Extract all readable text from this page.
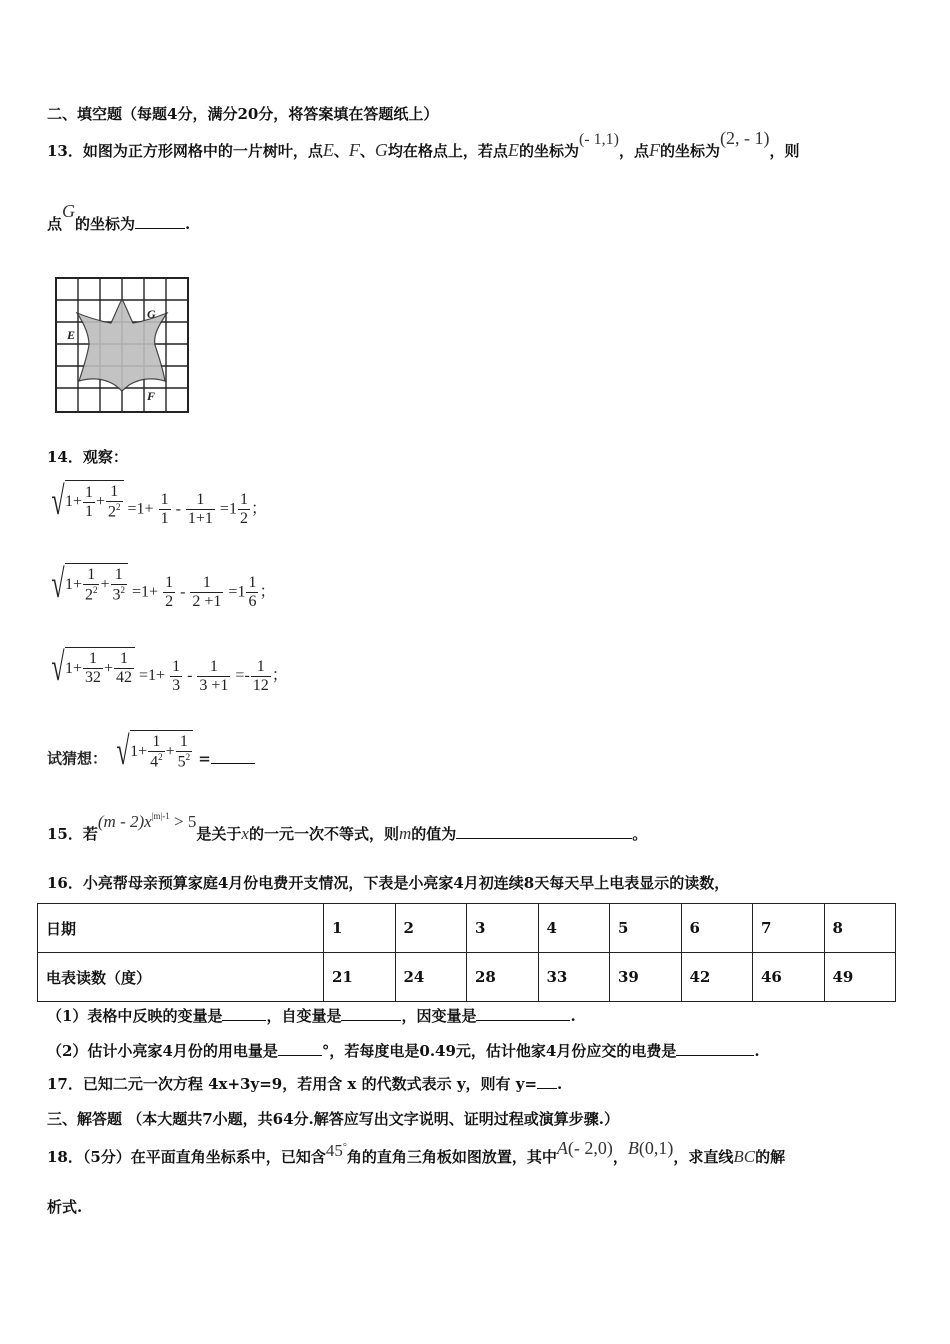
二、填空题（每题4分，满分20分，将答案填在答题纸上）
13．如图为正方形网格中的一片树叶，点E、F、G均在格点上，若点E的坐标为(- 1,1)，点F的坐标为(2, - 1)，则
点G的坐标为	.
E
G
F
14．观察：
√ $1+ \frac{1}{1} + \frac{1}{2^2} =1+ \frac{1}{1} - \frac{1}{1+1} =1 \frac{1}{2}$ ；
√ $1+ \frac{1}{2^2} + \frac{1}{3^2} =1+ \frac{1}{2} - \frac{1}{2 +1} =1 \frac{1}{6}$ ；
√ $1+ \frac{1}{32} + \frac{1}{42} =1+ \frac{1}{3} - \frac{1}{3 +1} =- \frac{1}{12}$ ；
试猜想： √ $1+ \frac{1}{4^2} + \frac{1}{5^2}$ =
15．若$(m - 2)x^{|m|-1} > 5$是关于x的一元一次不等式，则m的值为	。
16．小亮帮母亲预算家庭4月份电费开支情况，下表是小亮家4月初连续8天每天早上电表显示的读数，
日期	1	2	3	4	5	6	7	8
电表读数（度）	21	24	28	33	39	42	46	49
（1）表格中反映的变量是	，自变量是	，因变量是	.
（2）估计小亮家4月份的用电量是	°，若每度电是0.49元，估计他家4月份应交的电费是	.
17．已知二元一次方程 4x+3y=9，若用含 x 的代数式表示 y，则有 y= .
三、解答题 （本大题共7小题，共64分.解答应写出文字说明、证明过程或演算步骤.）
18．（5分）在平面直角坐标系中，已知含45°角的直角三角板如图放置，其中A(- 2,0)，B(0,1)，求直线BC的解
析式.
